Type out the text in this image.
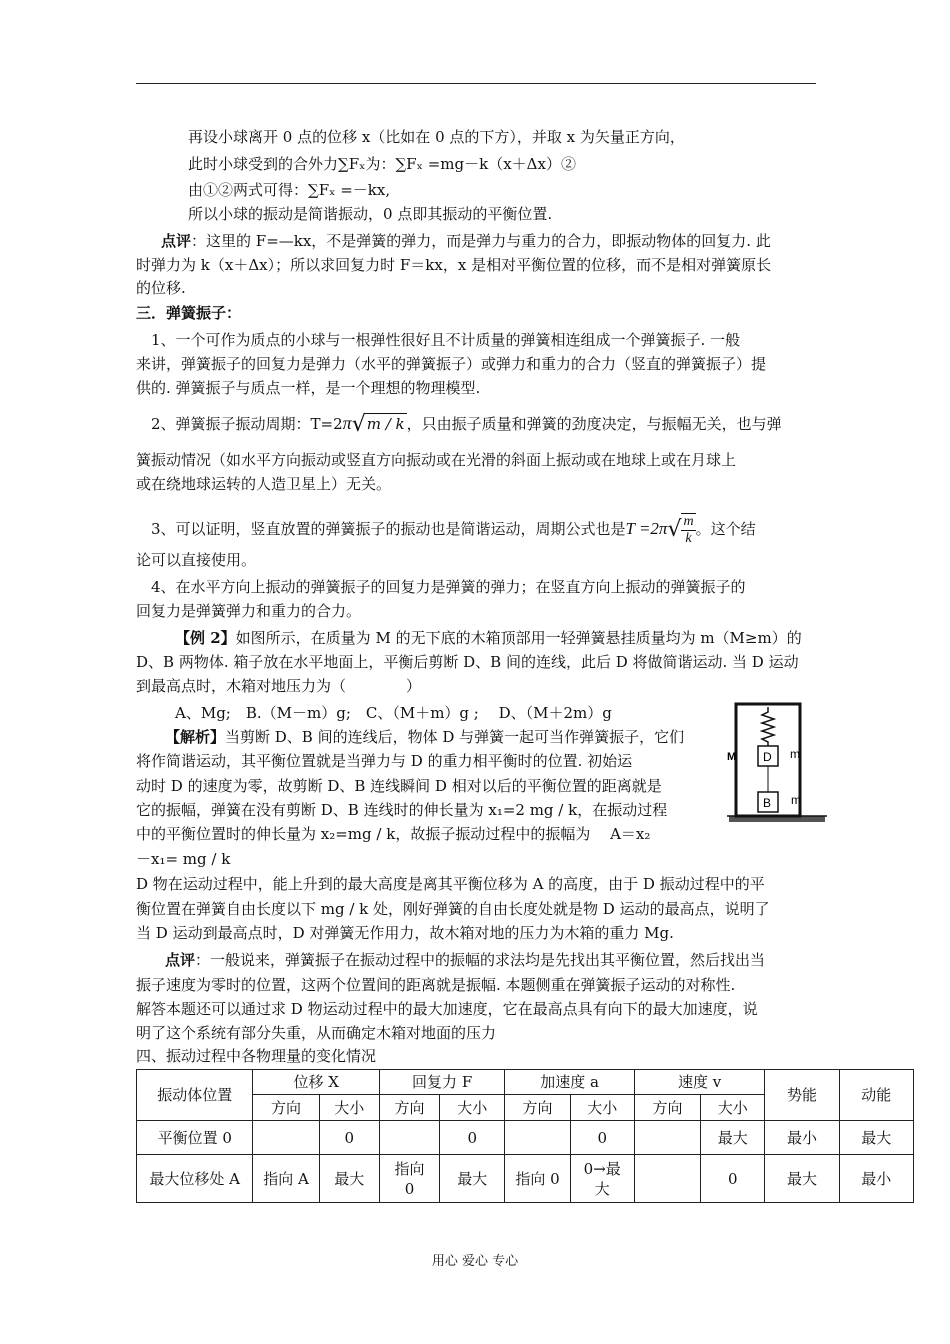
再设小球离开 0 点的位移 x（比如在 0 点的下方），并取 x 为矢量正方向，
此时小球受到的合外力∑Fₓ为：∑Fₓ =mg－k（x＋Δx）②
由①②两式可得：∑Fₓ =－kx,
所以小球的振动是简谐振动，0 点即其振动的平衡位置.
点评：这里的 F=—kx，不是弹簧的弹力，而是弹力与重力的合力，即振动物体的回复力. 此
时弹力为 k（x＋Δx）；所以求回复力时 F＝kx，x 是相对平衡位置的位移，而不是相对弹簧原长
的位移.
三．弹簧振子：
1、一个可作为质点的小球与一根弹性很好且不计质量的弹簧相连组成一个弹簧振子. 一般
来讲，弹簧振子的回复力是弹力（水平的弹簧振子）或弹力和重力的合力（竖直的弹簧振子）提
供的. 弹簧振子与质点一样，是一个理想的物理模型.
2、弹簧振子振动周期：T=2π√m / k ，只由振子质量和弹簧的劲度决定，与振幅无关，也与弹
簧振动情况（如水平方向振动或竖直方向振动或在光滑的斜面上振动或在地球上或在月球上
或在绕地球运转的人造卫星上）无关。
3、可以证明，竖直放置的弹簧振子的振动也是简谐运动，周期公式也是$T =2\pi√ \frac{m}{k}$ 。这个结
论可以直接使用。
4、在水平方向上振动的弹簧振子的回复力是弹簧的弹力；在竖直方向上振动的弹簧振子的
回复力是弹簧弹力和重力的合力。
【例 2】如图所示，在质量为 M 的无下底的木箱顶部用一轻弹簧悬挂质量均为 m（M≥m）的
D、B 两物体. 箱子放在水平地面上，平衡后剪断 D、B 间的连线，此后 D 将做简谐运动. 当 D 运动
到最高点时，木箱对地压力为（　　　　）
A、Mg;　B.（M－m）g;　C、（M＋m）g ;　 D、（M＋2m）g
【解析】当剪断 D、B 间的连线后，物体 D 与弹簧一起可当作弹簧振子，它们
将作简谐运动，其平衡位置就是当弹力与 D 的重力相平衡时的位置. 初始运
动时 D 的速度为零，故剪断 D、B 连线瞬间 D 相对以后的平衡位置的距离就是
它的振幅，弹簧在没有剪断 D、B 连线时的伸长量为 x₁=2 mg / k，在振动过程
中的平衡位置时的伸长量为 x₂=mg / k，故振子振动过程中的振幅为　 A＝x₂
－x₁= mg / k
D 物在运动过程中，能上升到的最大高度是离其平衡位移为 A 的高度，由于 D 振动过程中的平
衡位置在弹簧自由长度以下 mg / k 处，刚好弹簧的自由长度处就是物 D 运动的最高点，说明了
当 D 运动到最高点时，D 对弹簧无作用力，故木箱对地的压力为木箱的重力 Mg.
点评：一般说来，弹簧振子在振动过程中的振幅的求法均是先找出其平衡位置，然后找出当
振子速度为零时的位置，这两个位置间的距离就是振幅. 本题侧重在弹簧振子运动的对称性.
解答本题还可以通过求 D 物运动过程中的最大加速度，它在最高点具有向下的最大加速度，说
明了这个系统有部分失重，从而确定木箱对地面的压力
四、振动过程中各物理量的变化情况
M D
B
m
m
振动体位置	位移 X		回复力 F		加速度 a		速度 v		势能	动能
	方向	大小	方向	大小	方向	大小	方向	大小		
平衡位置 0		0		0		0		最大	最小	最大
最大位移处 A	指向 A	最大	指向 0	最大	指向 0	0→最大		0	最大	最小
用心 爱心 专心
